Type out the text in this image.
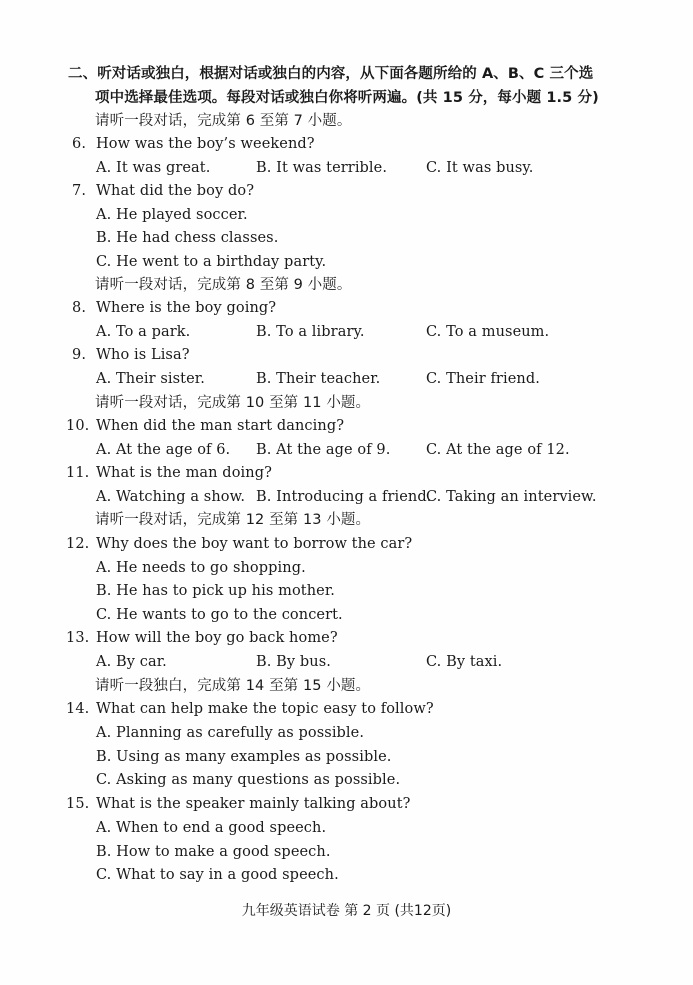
二、听对话或独白，根据对话或独白的内容，从下面各题所给的 A、B、C 三个选
项中选择最佳选项。每段对话或独白你将听两遍。(共 15 分，每小题 1.5 分)
请听一段对话，完成第 6 至第 7 小题。
6. How was the boy’s weekend?
A. It was great.	B. It was terrible.	C. It was busy.
7. What did the boy do?
A. He played soccer.
B. He had chess classes.
C. He went to a birthday party.
请听一段对话，完成第 8 至第 9 小题。
8. Where is the boy going?
A. To a park.	B. To a library.	C. To a museum.
9. Who is Lisa?
A. Their sister.	B. Their teacher.	C. Their friend.
请听一段对话，完成第 10 至第 11 小题。
10. When did the man start dancing?
A. At the age of 6. B. At the age of 9. C. At the age of 12.
11. What is the man doing?
A. Watching a show. B. Introducing a friend.
C. Taking an interview.
请听一段对话，完成第 12 至第 13 小题。
12. Why does the boy want to borrow the car?
A. He needs to go shopping.
B. He has to pick up his mother.
C. He wants to go to the concert.
13. How will the boy go back home?
A. By car.	B. By bus.	C. By taxi.
请听一段独白，完成第 14 至第 15 小题。
14. What can help make the topic easy to follow?
A. Planning as carefully as possible.
B. Using as many examples as possible.
C. Asking as many questions as possible.
15. What is the speaker mainly talking about?
A. When to end a good speech.
B. How to make a good speech.
C. What to say in a good speech.
九年级英语试卷 第 2 页 (共12页)
